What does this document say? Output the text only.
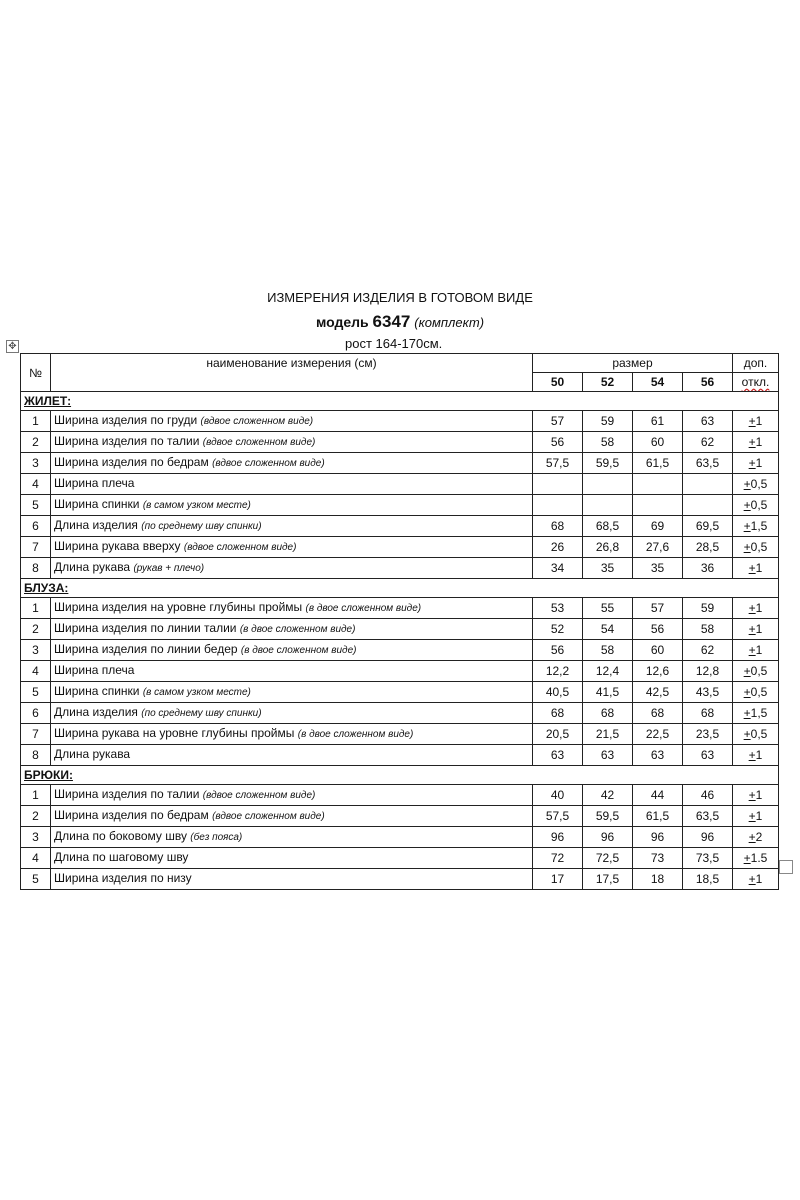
ИЗМЕРЕНИЯ ИЗДЕЛИЯ В ГОТОВОМ ВИДЕ
модель 6347 (комплект)
рост 164-170см.
✥
№	наименование измерения (см)	размер				доп.
		50	52	54	56	откл.
ЖИЛЕТ:						
1	Ширина изделия по груди (вдвое сложенном виде)	57	59	61	63	+1
2	Ширина изделия по талии (вдвое сложенном виде)	56	58	60	62	+1
3	Ширина изделия по бедрам (вдвое сложенном виде)	57,5	59,5	61,5	63,5	+1
4	Ширина плеча					+0,5
5	Ширина спинки (в самом узком месте)					+0,5
6	Длина изделия (по среднему шву спинки)	68	68,5	69	69,5	+1,5
7	Ширина рукава вверху (вдвое сложенном виде)	26	26,8	27,6	28,5	+0,5
8	Длина рукава (рукав + плечо)	34	35	35	36	+1
БЛУЗА:						
1	Ширина изделия на уровне глубины проймы (в двое сложенном виде)	53	55	57	59	+1
2	Ширина изделия по линии талии (в двое сложенном виде)	52	54	56	58	+1
3	Ширина изделия по линии бедер (в двое сложенном виде)	56	58	60	62	+1
4	Ширина плеча	12,2	12,4	12,6	12,8	+0,5
5	Ширина спинки (в самом узком месте)	40,5	41,5	42,5	43,5	+0,5
6	Длина изделия (по среднему шву спинки)	68	68	68	68	+1,5
7	Ширина рукава на уровне глубины проймы (в двое сложенном виде)	20,5	21,5	22,5	23,5	+0,5
8	Длина рукава	63	63	63	63	+1
БРЮКИ:						
1	Ширина изделия по талии (вдвое сложенном виде)	40	42	44	46	+1
2	Ширина изделия по бедрам (вдвое сложенном виде)	57,5	59,5	61,5	63,5	+1
3	Длина по боковому шву (без пояса)	96	96	96	96	+2
4	Длина по шаговому шву	72	72,5	73	73,5	+1.5
5	Ширина изделия по низу	17	17,5	18	18,5	+1
